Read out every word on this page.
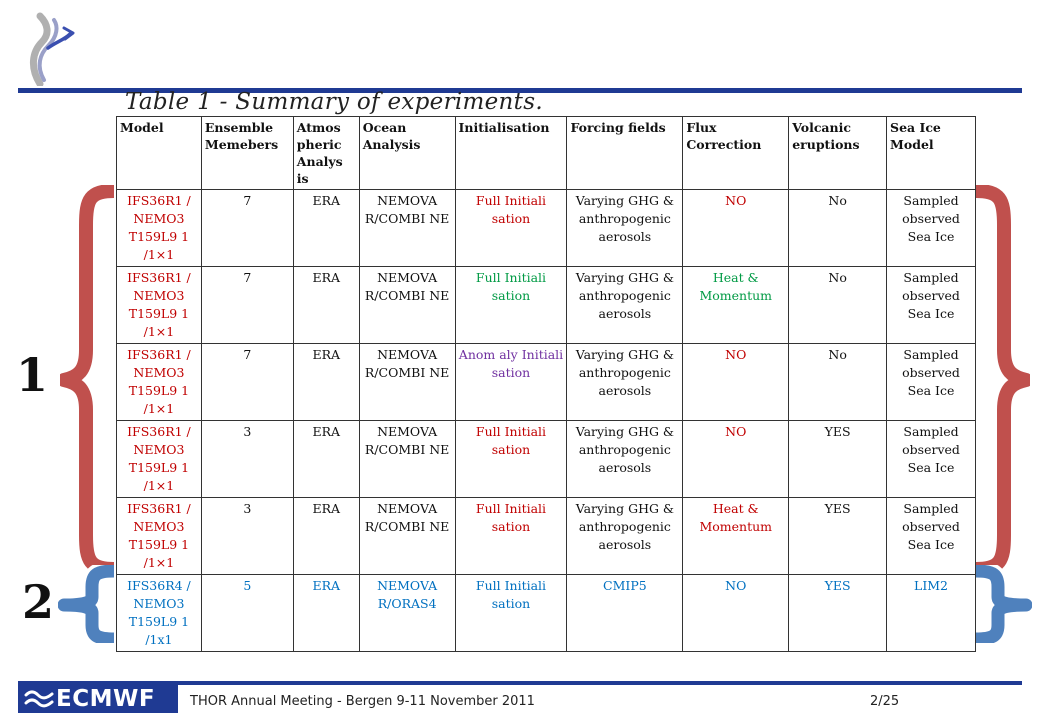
Table 1 - Summary of experiments.
1
2
Model	Ensemble Memebers	Atmos pheric Analys is	Ocean Analysis	Initialisation	Forcing fields	Flux Correction	Volcanic eruptions	Sea Ice Model
IFS36R1 / NEMO3 T159L9 1 /1×1	7	ERA	NEMOVA R/COMBI NE	Full Initiali sation	Varying GHG & anthropogenic aerosols	NO	No	Sampled observed Sea Ice
IFS36R1 / NEMO3 T159L9 1 /1×1	7	ERA	NEMOVA R/COMBI NE	Full Initiali sation	Varying GHG & anthropogenic aerosols	Heat & Momentum	No	Sampled observed Sea Ice
IFS36R1 / NEMO3 T159L9 1 /1×1	7	ERA	NEMOVA R/COMBI NE	Anom aly Initiali sation	Varying GHG & anthropogenic aerosols	NO	No	Sampled observed Sea Ice
IFS36R1 / NEMO3 T159L9 1 /1×1	3	ERA	NEMOVA R/COMBI NE	Full Initiali sation	Varying GHG & anthropogenic aerosols	NO	YES	Sampled observed Sea Ice
IFS36R1 / NEMO3 T159L9 1 /1×1	3	ERA	NEMOVA R/COMBI NE	Full Initiali sation	Varying GHG & anthropogenic aerosols	Heat & Momentum	YES	Sampled observed Sea Ice
IFS36R4 / NEMO3 T159L9 1 /1x1	5	ERA	NEMOVA R/ORAS4	Full Initiali sation	CMIP5	NO	YES	LIM2
ECMWF	THOR Annual Meeting - Bergen 9-11 November 2011	2/25
